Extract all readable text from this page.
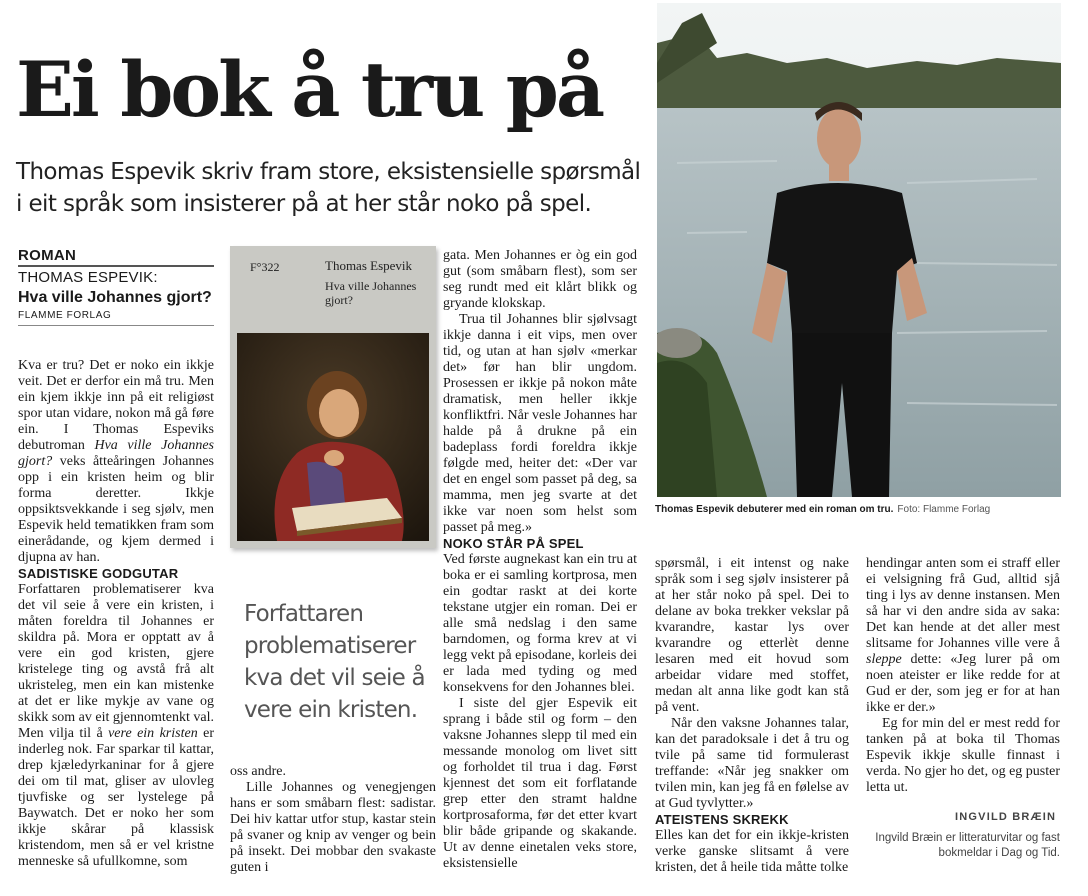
Ei bok å tru på
Thomas Espevik skriv fram store, eksistensielle spørsmål i eit språk som insisterer på at her står noko på spel.
ROMAN
THOMAS ESPEVIK:
Hva ville Johannes gjort?
FLAMME FORLAG

Kva er tru? Det er noko ein ikkje veit. Det er derfor ein må tru. Men ein kjem ikkje inn på eit religiøst spor utan vidare, nokon må gå føre ein. I Thomas Espeviks debutroman Hva ville Johannes gjort? veks åtteåringen Johannes opp i ein kristen heim og blir forma deretter. Ikkje oppsiktsvekkande i seg sjølv, men Espevik held tematikken fram som einerådande, og kjem dermed i djupna av han.

SADISTISKE GODGUTAR

Forfattaren problematiserer kva det vil seie å vere ein kristen, i måten foreldra til Johannes er skildra på. Mora er opptatt av å vere ein god kristen, gjere kristelege ting og avstå frå alt ukristeleg, men ein kan mistenke at det er like mykje av vane og skikk som av eit gjennomtenkt val. Men vilja til å vere ein kristen er inderleg nok. Far sparkar til kattar, drep kjæledyrkaninar for å gjere dei om til mat, gliser av ulovleg tjuvfiske og ser lystelege på Baywatch. Det er noko her som ikkje skårar på klassisk kristendom, men så er vel kristne menneske så ufullkomne, som

F°322	Thomas Espevik
Hva ville Johannes gjort?
Forfattaren problematiserer kva det vil seie å vere ein kristen.

oss andre.

Lille Johannes og venegjengen hans er som småbarn flest: sadistar. Dei hiv kattar utfor stup, kastar stein på svaner og knip av venger og bein på insekt. Dei mobbar den svakaste guten i

gata. Men Johannes er òg ein god gut (som småbarn flest), som ser seg rundt med eit klårt blikk og gryande klokskap.

Trua til Johannes blir sjølvsagt ikkje danna i eit vips, men over tid, og utan at han sjølv «merkar det» før han blir ungdom. Prosessen er ikkje på nokon måte dramatisk, men heller ikkje konfliktfri. Når vesle Johannes har halde på å drukne på ein badeplass fordi foreldra ikkje følgde med, heiter det: «Der var det en engel som passet på deg, sa mamma, men jeg svarte at det ikke var noen som helst som passet på meg.»

NOKO STÅR PÅ SPEL

Ved første augnekast kan ein tru at boka er ei samling kortprosa, men ein godtar raskt at dei korte tekstane utgjer ein roman. Dei er alle små nedslag i den same barndomen, og forma krev at vi legg vekt på episodane, korleis dei er lada med tyding og med konsekvens for den Johannes blei.

I siste del gjer Espevik eit sprang i både stil og form – den vaksne Johannes slepp til med ein messande monolog om livet sitt og forholdet til trua i dag. Først kjennest det som eit forflatande grep etter den stramt haldne kortprosaforma, før det etter kvart blir både gripande og skakande. Ut av denne einetalen veks store, eksistensielle

Thomas Espevik debuterer med ein roman om tru. Foto: Flamme Forlag

spørsmål, i eit intenst og nake språk som i seg sjølv insisterer på at her står noko på spel. Dei to delane av boka trekker vekslar på kvarandre, kastar lys over kvarandre og etterlèt denne lesaren med eit hovud som arbeidar vidare med stoffet, medan alt anna like godt kan stå på vent.

Når den vaksne Johannes talar, kan det paradoksale i det å tru og tvile på same tid formulerast treffande: «Når jeg snakker om tvilen min, kan jeg få en følelse av at Gud tyvlytter.»

ATEISTENS SKREKK

Elles kan det for ein ikkje-kristen verke ganske slitsamt å vere kristen, det å heile tida måtte tolke

hendingar anten som ei straff eller ei velsigning frå Gud, alltid sjå ting i lys av denne instansen. Men så har vi den andre sida av saka: Det kan hende at det aller mest slitsame for Johannes ville vere å sleppe dette: «Jeg lurer på om noen ateister er like redde for at Gud er der, som jeg er for at han ikke er der.»

Eg for min del er mest redd for tanken på at boka til Thomas Espevik ikkje skulle finnast i verda. No gjer ho det, og eg puster letta ut.

INGVILD BRÆIN
Ingvild Bræin er litteraturvitar og fast bokmeldar i Dag og Tid.
